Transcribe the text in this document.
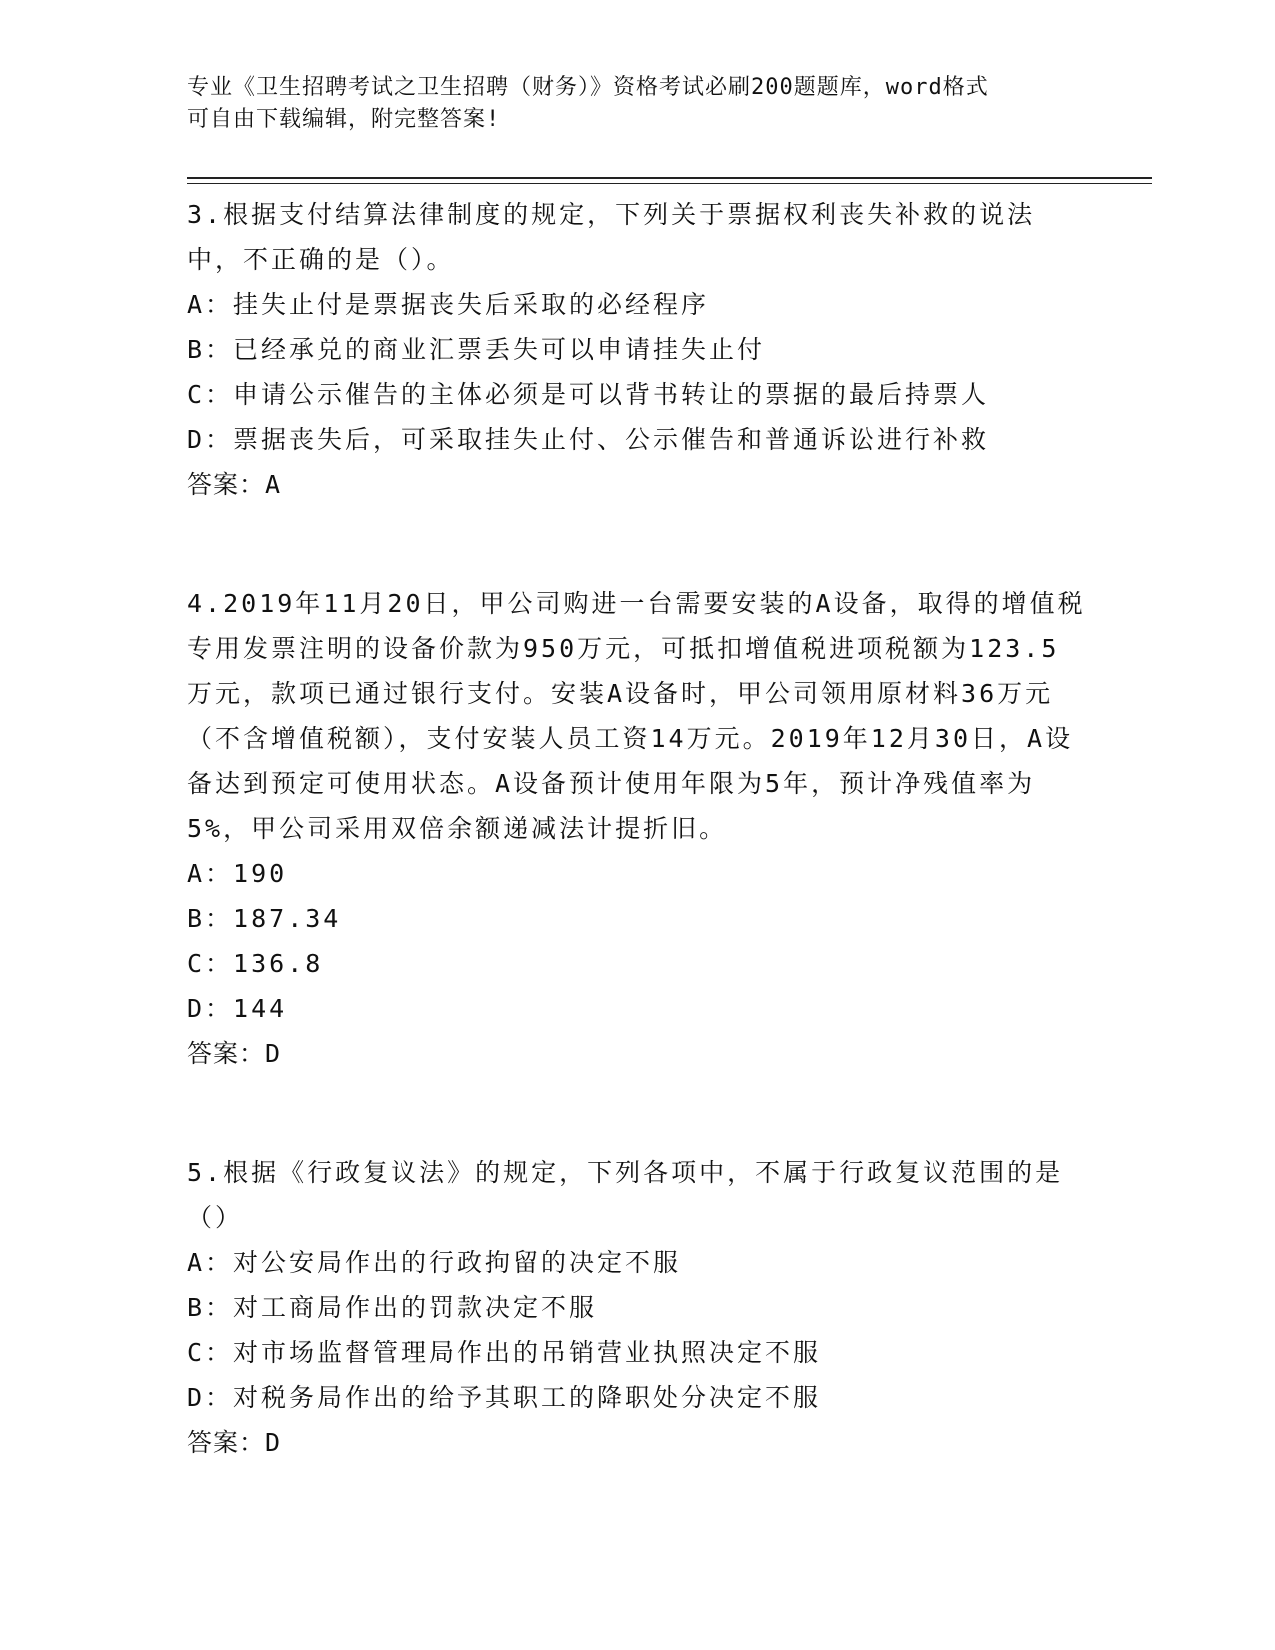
专业《卫生招聘考试之卫生招聘（财务）》资格考试必刷200题题库，word格式
可自由下载编辑，附完整答案!
3.根据支付结算法律制度的规定，下列关于票据权利丧失补救的说法中，不正确的是（）。
A：挂失止付是票据丧失后采取的必经程序
B：已经承兑的商业汇票丢失可以申请挂失止付
C：申请公示催告的主体必须是可以背书转让的票据的最后持票人
D：票据丧失后，可采取挂失止付、公示催告和普通诉讼进行补救
答案：A
4.2019年11月20日，甲公司购进一台需要安装的A设备，取得的增值税专用发票注明的设备价款为950万元，可抵扣增值税进项税额为123.5万元，款项已通过银行支付。安装A设备时，甲公司领用原材料36万元（不含增值税额），支付安装人员工资14万元。2019年12月30日，A设备达到预定可使用状态。A设备预计使用年限为5年，预计净残值率为5%，甲公司采用双倍余额递减法计提折旧。
A：190
B：187.34
C：136.8
D：144
答案：D
5.根据《行政复议法》的规定，下列各项中，不属于行政复议范围的是（）
A：对公安局作出的行政拘留的决定不服
B：对工商局作出的罚款决定不服
C：对市场监督管理局作出的吊销营业执照决定不服
D：对税务局作出的给予其职工的降职处分决定不服
答案：D
